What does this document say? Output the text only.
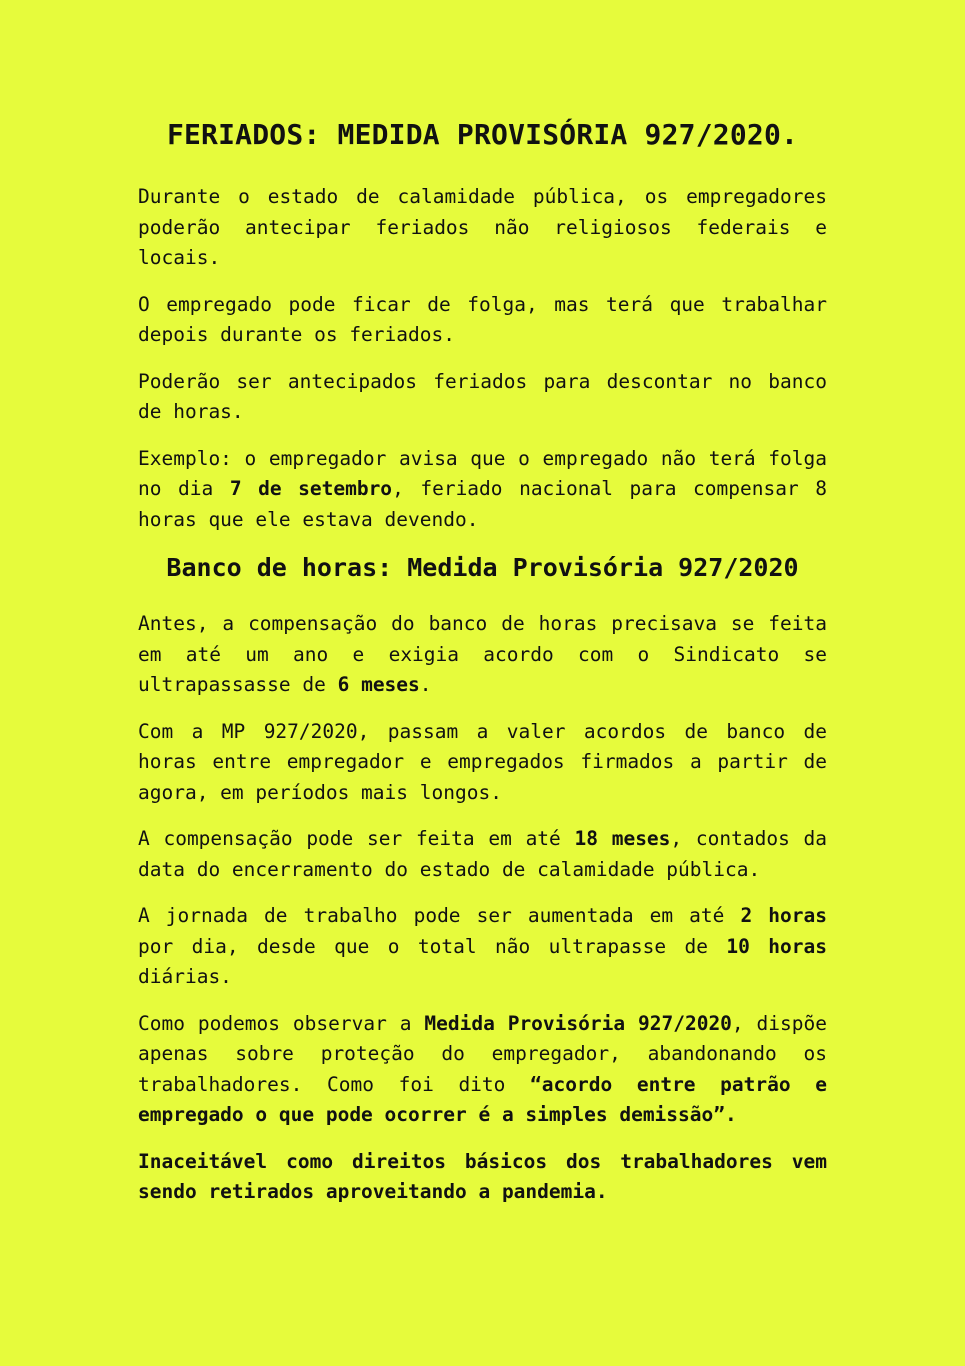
FERIADOS: MEDIDA PROVISÓRIA 927/2020.

Durante o estado de calamidade pública, os empregadores poderão antecipar feriados não religiosos federais e locais.

O empregado pode ficar de folga, mas terá que trabalhar depois durante os feriados.

Poderão ser antecipados feriados para descontar no banco de horas.

Exemplo: o empregador avisa que o empregado não terá folga no dia 7 de setembro, feriado nacional para compensar 8 horas que ele estava devendo.

Banco de horas: Medida Provisória 927/2020

Antes, a compensação do banco de horas precisava se feita em até um ano e exigia acordo com o Sindicato se ultrapassasse de 6 meses.

Com a MP 927/2020, passam a valer acordos de banco de horas entre empregador e empregados firmados a partir de agora, em períodos mais longos.

A compensação pode ser feita em até 18 meses, contados da data do encerramento do estado de calamidade pública.

A jornada de trabalho pode ser aumentada em até 2 horas por dia, desde que o total não ultrapasse de 10 horas diárias.

Como podemos observar a Medida Provisória 927/2020, dispõe apenas sobre proteção do empregador, abandonando os trabalhadores. Como foi dito “acordo entre patrão e empregado o que pode ocorrer é a simples demissão”.

Inaceitável como direitos básicos dos trabalhadores vem sendo retirados aproveitando a pandemia.
